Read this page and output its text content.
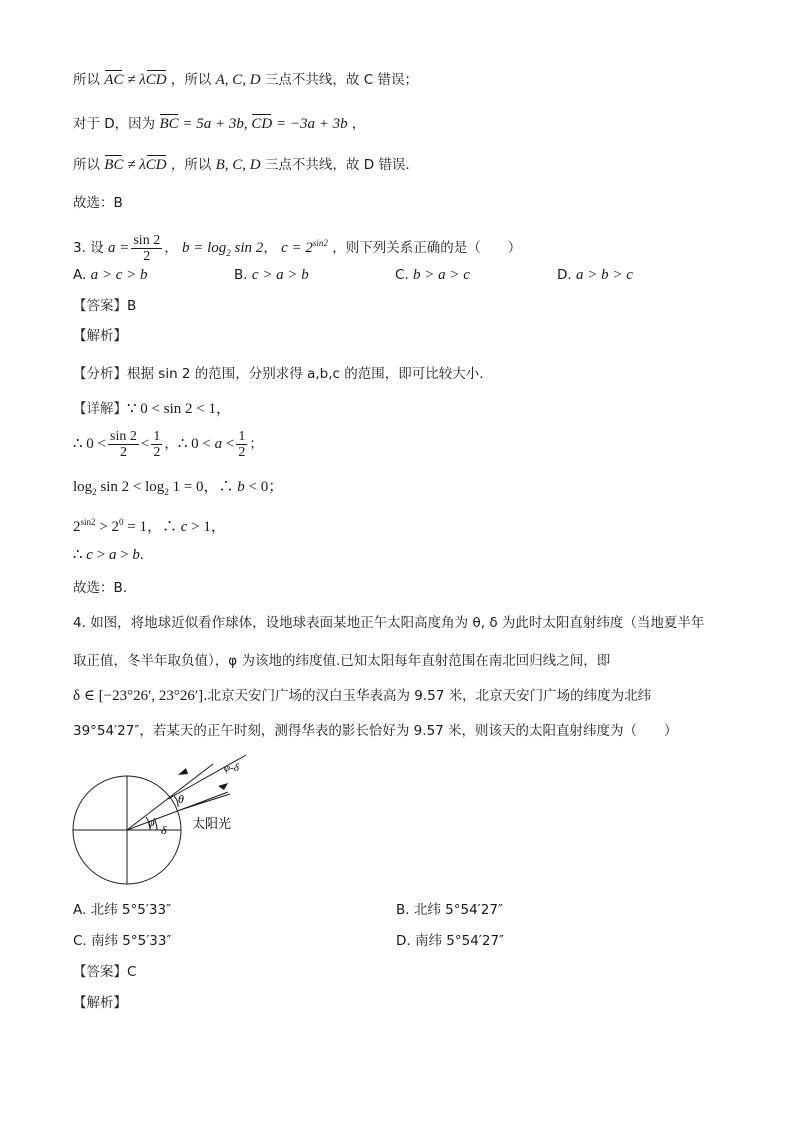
所以 AC ≠ λCD ，所以 A, C, D 三点不共线，故 C 错误；
对于 D，因为 BC = 5a + 3b, CD = −3a + 3b ，
所以 BC ≠ λCD ，所以 B, C, D 三点不共线，故 D 错误.
故选：B
3. 设 $a = \frac{\sin 2}{2}$ ， $b = \log_2 \sin 2$， $c = 2^{sin2}$ ，则下列关系正确的是（　　）
A. a > c > b	B. c > a > b	C. b > a > c	D. a > b > c
【答案】B
【解析】
【分析】根据 sin 2 的范围，分别求得 a,b,c 的范围，即可比较大小.
【详解】∵ 0 < sin 2 < 1，
∴ $0 < \frac{\sin 2}{2} < \frac{1}{2}$ ，∴ $0 < a < \frac{1}{2}$ ；
$\log_2 \sin 2 < \log_2 1 = 0$，∴ b < 0；
$2^{sin2} > 2^0 = 1$，∴ c > 1，
∴ c > a > b.
故选：B.
4. 如图，将地球近似看作球体，设地球表面某地正午太阳高度角为 θ, δ 为此时太阳直射纬度（当地夏半年
取正值，冬半年取负值），φ 为该地的纬度值.已知太阳每年直射范围在南北回归线之间，即
δ ∈ [−23°26′, 23°26′].北京天安门广场的汉白玉华表高为 9.57 米，北京天安门广场的纬度为北纬
39°54′27″，若某天的正午时刻，测得华表的影长恰好为 9.57 米，则该天的太阳直射纬度为（　　）
φ-δ
θ
φ
δ 太阳光
A. 北纬 5°5′33″	B. 北纬 5°54′27″
C. 南纬 5°5′33″	D. 南纬 5°54′27″
【答案】C
【解析】
